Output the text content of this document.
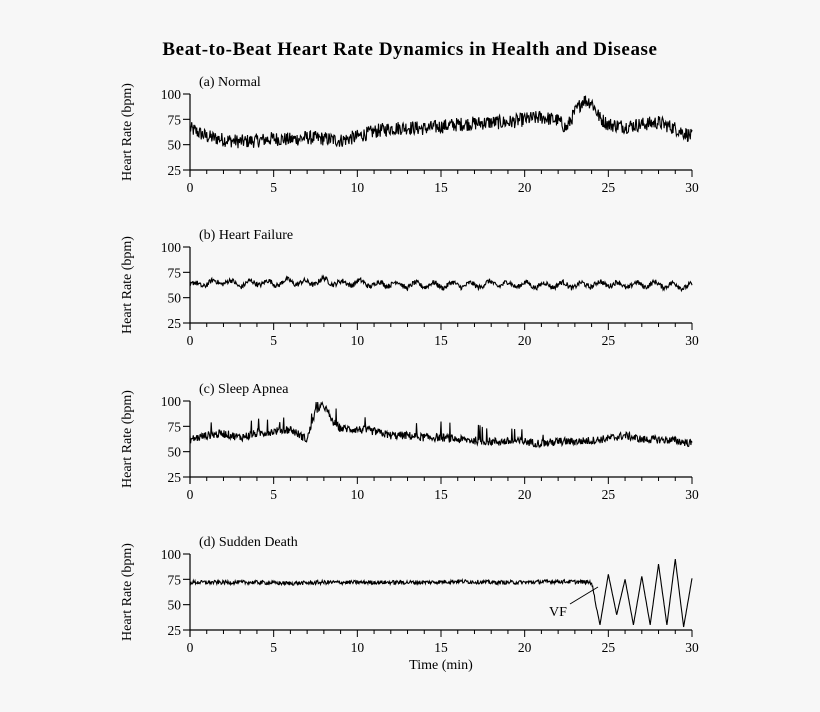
Beat-to-Beat Heart Rate Dynamics in Health and Disease
(a) Normal
Heart Rate (bpm) 25
50
75
100
0	5	10	15	20	25	30
(b) Heart Failure
Heart Rate (bpm) 25
50
75
100
0	5	10	15	20	25	30
(c) Sleep Apnea
Heart Rate (bpm) 25
50
75
100
0	5	10	15	20	25	30
(d) Sudden Death
Heart Rate (bpm) 25
50
75
100
0	5	10	15	20	25	30
VF
Time (min)
